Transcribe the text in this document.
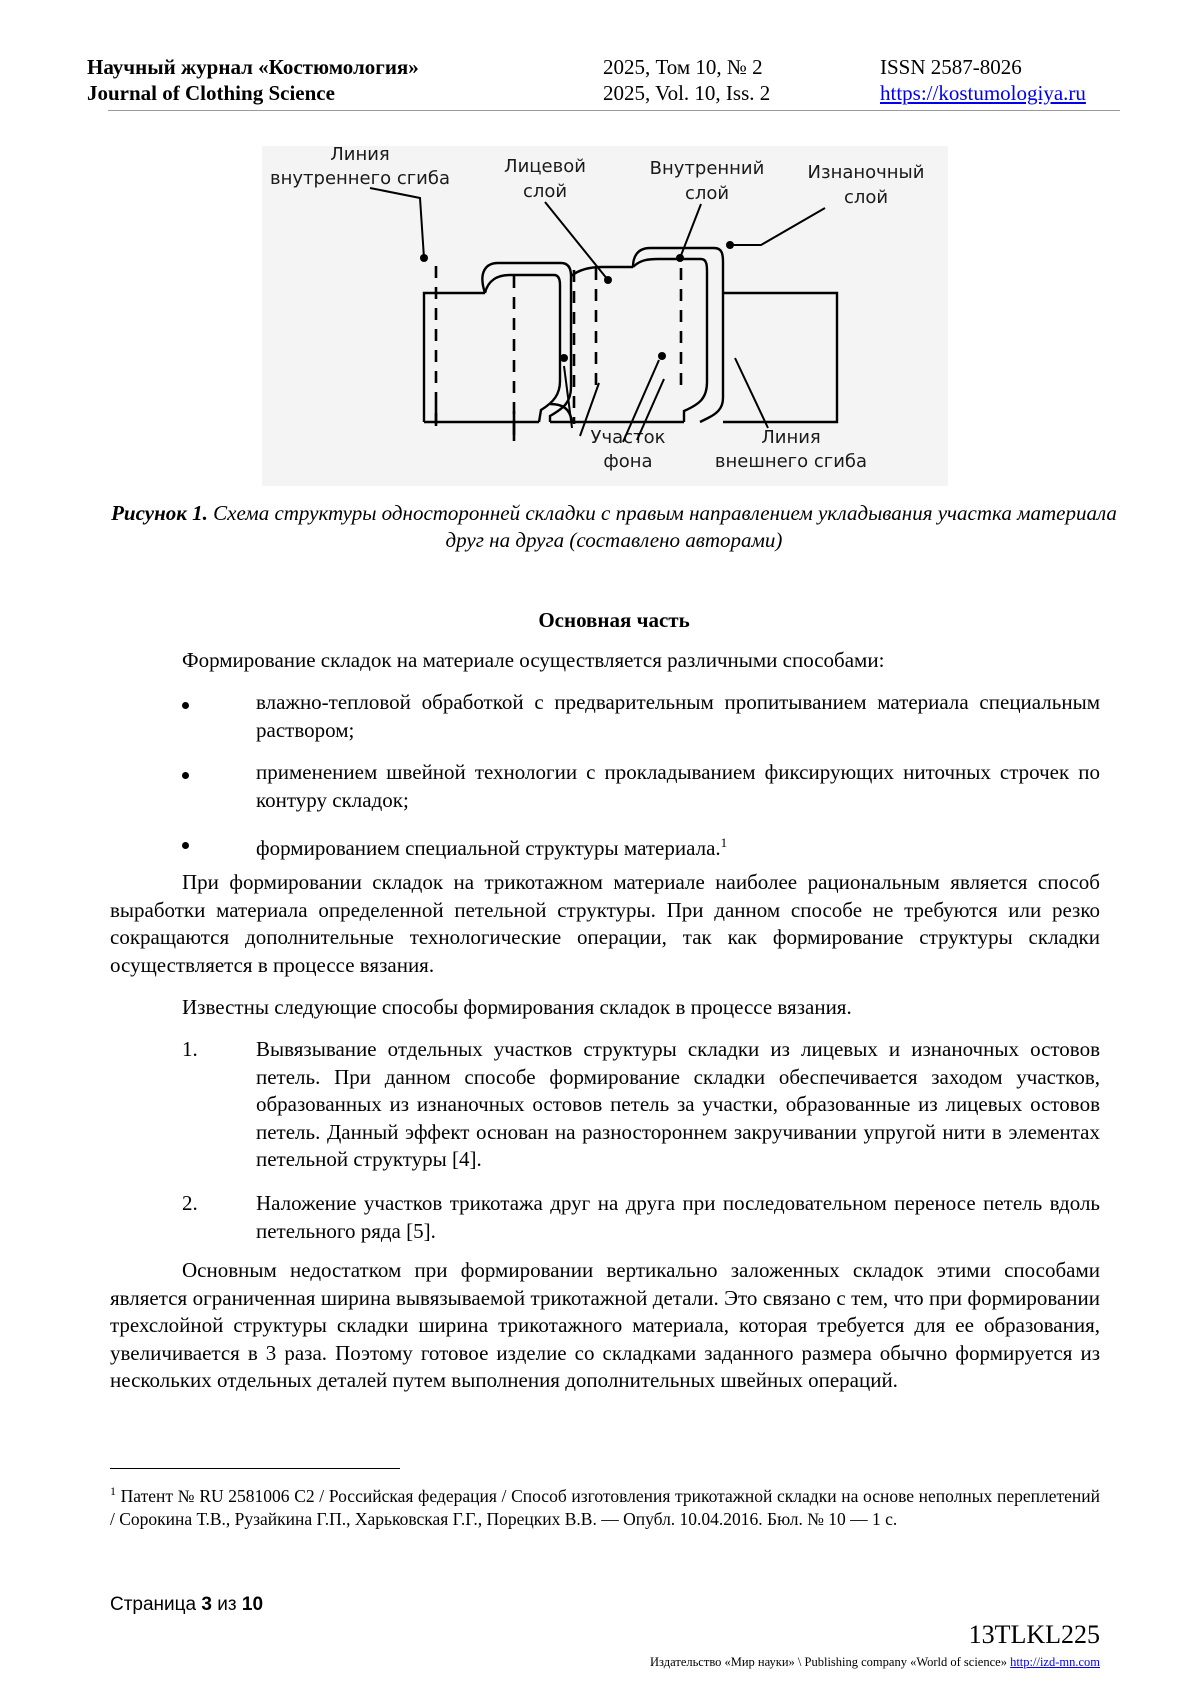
Научный журнал «Костюмология»
Journal of Clothing Science
2025, Том 10, № 2
2025, Vol. 10, Iss. 2
ISSN 2587-8026
https://kostumologiya.ru
Линия
внутреннего сгиба
Лицевой
слой
Внутренний
слой
Изнаночный
слой
Участок
фона
Линия
внешнего сгиба
Рисунок 1. Схема структуры односторонней складки с правым направлением укладывания участка материала друг на друга (составлено авторами)
Основная часть
Формирование складок на материале осуществляется различными способами:
влажно-тепловой обработкой с предварительным пропитыванием материала специальным раствором;
применением швейной технологии с прокладыванием фиксирующих ниточных строчек по контуру складок;
формированием специальной структуры материала.$^1$
При формировании складок на трикотажном материале наиболее рациональным является способ выработки материала определенной петельной структуры. При данном способе не требуются или резко сокращаются дополнительные технологические операции, так как формирование структуры складки осуществляется в процессе вязания.
Известны следующие способы формирования складок в процессе вязания.
1.	Вывязывание отдельных участков структуры складки из лицевых и изнаночных остовов петель. При данном способе формирование складки обеспечивается заходом участков, образованных из изнаночных остовов петель за участки, образованные из лицевых остовов петель. Данный эффект основан на разностороннем закручивании упругой нити в элементах петельной структуры [4].
2.	Наложение участков трикотажа друг на друга при последовательном переносе петель вдоль петельного ряда [5].
Основным недостатком при формировании вертикально заложенных складок этими способами является ограниченная ширина вывязываемой трикотажной детали. Это связано с тем, что при формировании трехслойной структуры складки ширина трикотажного материала, которая требуется для ее образования, увеличивается в 3 раза. Поэтому готовое изделие со складками заданного размера обычно формируется из нескольких отдельных деталей путем выполнения дополнительных швейных операций.
$^1$ Патент № RU 2581006 C2 / Российская федерация / Способ изготовления трикотажной складки на основе неполных переплетений / Сорокина Т.В., Рузайкина Г.П., Харьковская Г.Г., Порецких В.В. — Опубл. 10.04.2016. Бюл. № 10 — 1 с.
Страница 3 из 10
13TLKL225
Издательство «Мир науки» \ Publishing company «World of science» http://izd-mn.com
